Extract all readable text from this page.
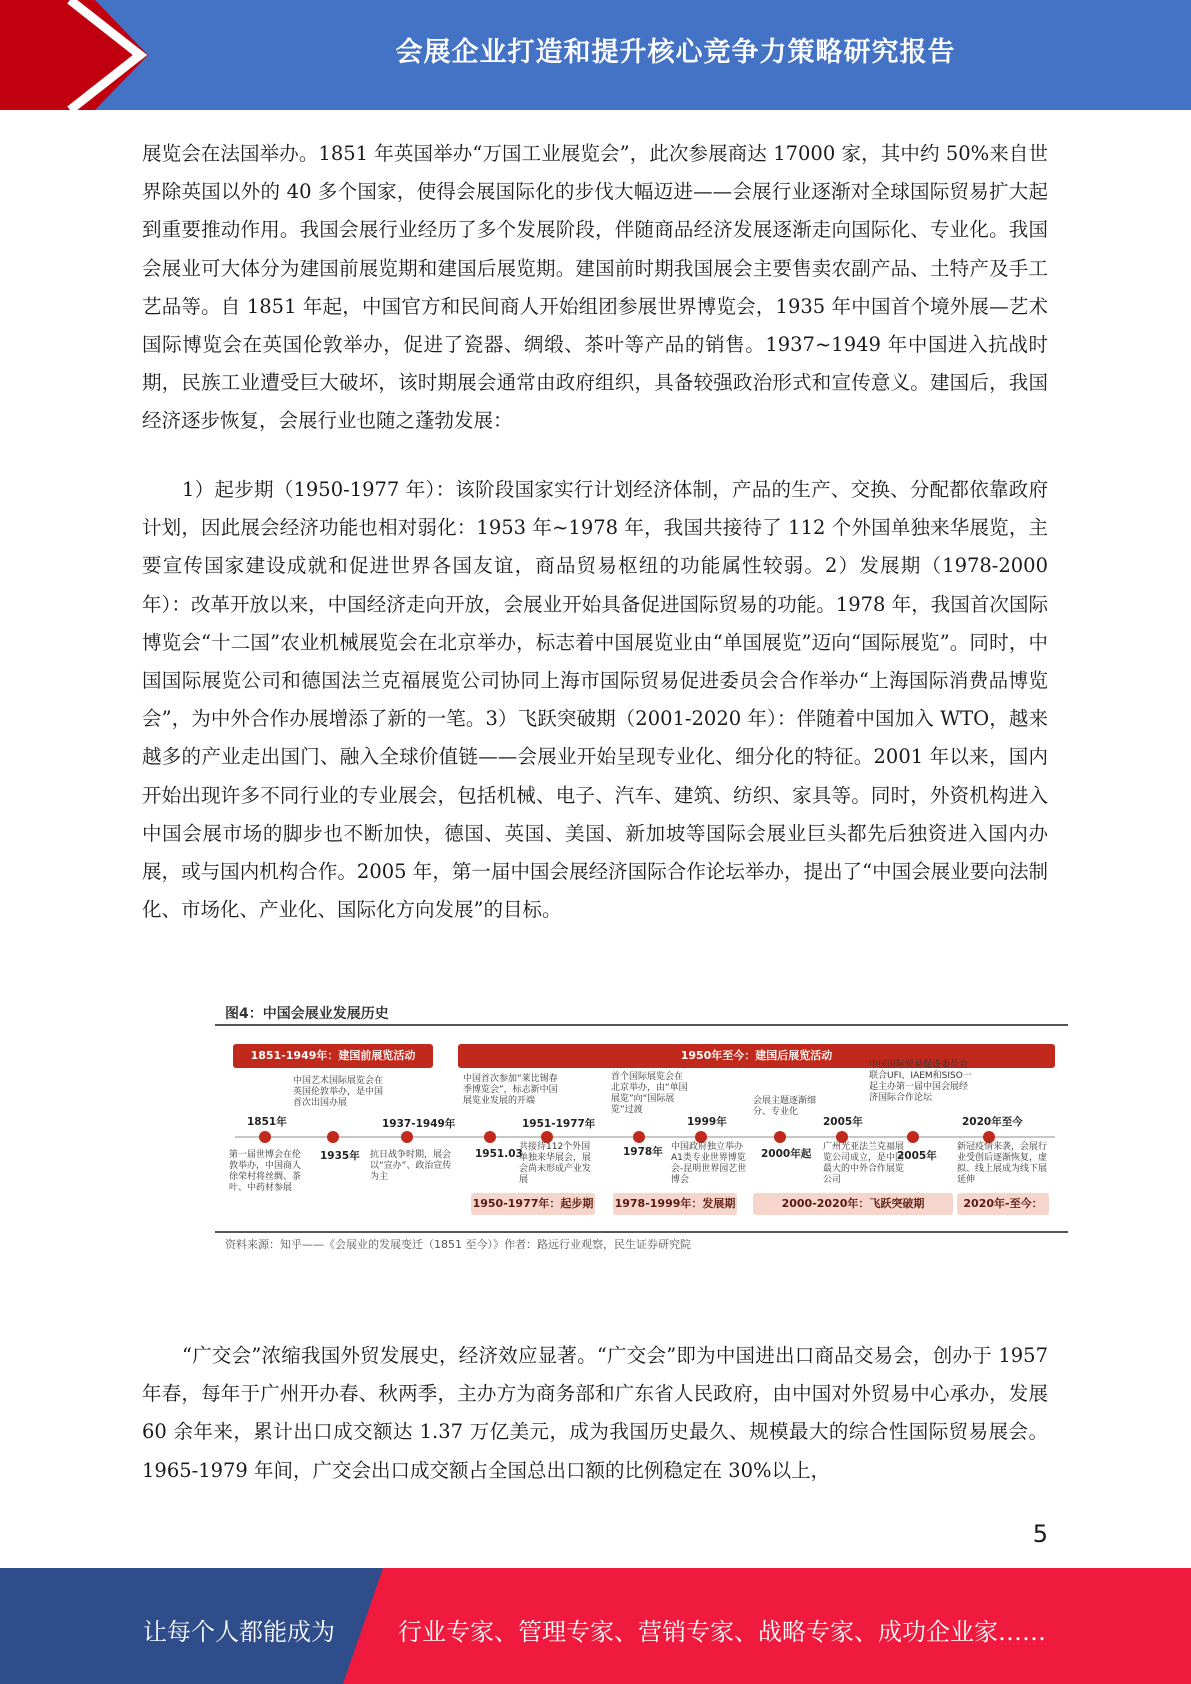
会展企业打造和提升核心竞争力策略研究报告

展览会在法国举办。1851 年英国举办“万国工业展览会”，此次参展商达 17000 家，其中约 50%来自世界除英国以外的 40 多个国家，使得会展国际化的步伐大幅迈进——会展行业逐渐对全球国际贸易扩大起到重要推动作用。我国会展行业经历了多个发展阶段，伴随商品经济发展逐渐走向国际化、专业化。我国会展业可大体分为建国前展览期和建国后展览期。建国前时期我国展会主要售卖农副产品、土特产及手工艺品等。自 1851 年起，中国官方和民间商人开始组团参展世界博览会，1935 年中国首个境外展—艺术国际博览会在英国伦敦举办，促进了瓷器、绸缎、茶叶等产品的销售。1937~1949 年中国进入抗战时期，民族工业遭受巨大破坏，该时期展会通常由政府组织，具备较强政治形式和宣传意义。建国后，我国经济逐步恢复，会展行业也随之蓬勃发展：

1）起步期（1950-1977 年）：该阶段国家实行计划经济体制，产品的生产、交换、分配都依靠政府计划，因此展会经济功能也相对弱化：1953 年~1978 年，我国共接待了 112 个外国单独来华展览，主要宣传国家建设成就和促进世界各国友谊，商品贸易枢纽的功能属性较弱。2）发展期（1978-2000 年）：改革开放以来，中国经济走向开放，会展业开始具备促进国际贸易的功能。1978 年，我国首次国际博览会“十二国”农业机械展览会在北京举办，标志着中国展览业由“单国展览”迈向“国际展览”。同时，中国国际展览公司和德国法兰克福展览公司协同上海市国际贸易促进委员会合作举办“上海国际消费品博览会”，为中外合作办展增添了新的一笔。3）飞跃突破期（2001-2020 年）：伴随着中国加入 WTO，越来越多的产业走出国门、融入全球价值链——会展业开始呈现专业化、细分化的特征。2001 年以来，国内开始出现许多不同行业的专业展会，包括机械、电子、汽车、建筑、纺织、家具等。同时，外资机构进入中国会展市场的脚步也不断加快，德国、英国、美国、新加坡等国际会展业巨头都先后独资进入国内办展，或与国内机构合作。2005 年，第一届中国会展经济国际合作论坛举办，提出了“中国会展业要向法制化、市场化、产业化、国际化方向发展”的目标。

图4：中国会展业发展历史
1851-1949年：建国前展览活动	1950年至今：建国后展览活动
1851年
1935年
1937-1949年
1951.03
1951-1977年
1978年
1999年
2000年起
2005年
2005年
2020年至今
第一届世博会在伦敦举办，中国商人徐荣村将丝绸、茶叶、中药材参展
中国艺术国际展览会在英国伦敦举办，是中国首次出国办展
抗日战争时期，展会以“宣办”、政治宣传为主
中国首次参加“莱比锡春季博览会”，标志新中国展览业发展的开端
共接待112个外国单独来华展会，展会尚未形成产业发展
首个国际展览会在北京举办，由“单国展览”向“国际展览”过渡
中国政府独立举办A1类专业世界博览会-昆明世界园艺世博会
会展主题逐渐细分、专业化
广州光亚法兰克福展览公司成立，是中国最大的中外合作展览公司
中国国际贸易促进委员会联合UFI、IAEM和SISO一起主办第一届中国会展经济国际合作论坛
新冠疫情来袭，会展行业受创后逐渐恢复，虚拟、线上展成为线下展延伸
1950-1977年：起步期 1978-1999年：发展期	2000-2020年：飞跃突破期	2020年-至今：
资料来源：知乎——《会展业的发展变迁（1851 至今）》作者：路远行业观察，民生证券研究院

“广交会”浓缩我国外贸发展史，经济效应显著。“广交会”即为中国进出口商品交易会，创办于 1957 年春，每年于广州开办春、秋两季，主办方为商务部和广东省人民政府，由中国对外贸易中心承办，发展 60 余年来，累计出口成交额达 1.37 万亿美元，成为我国历史最久、规模最大的综合性国际贸易展会。1965-1979 年间，广交会出口成交额占全国总出口额的比例稳定在 30%以上，

5
让每个人都能成为	行业专家、管理专家、营销专家、战略专家、成功企业家……
